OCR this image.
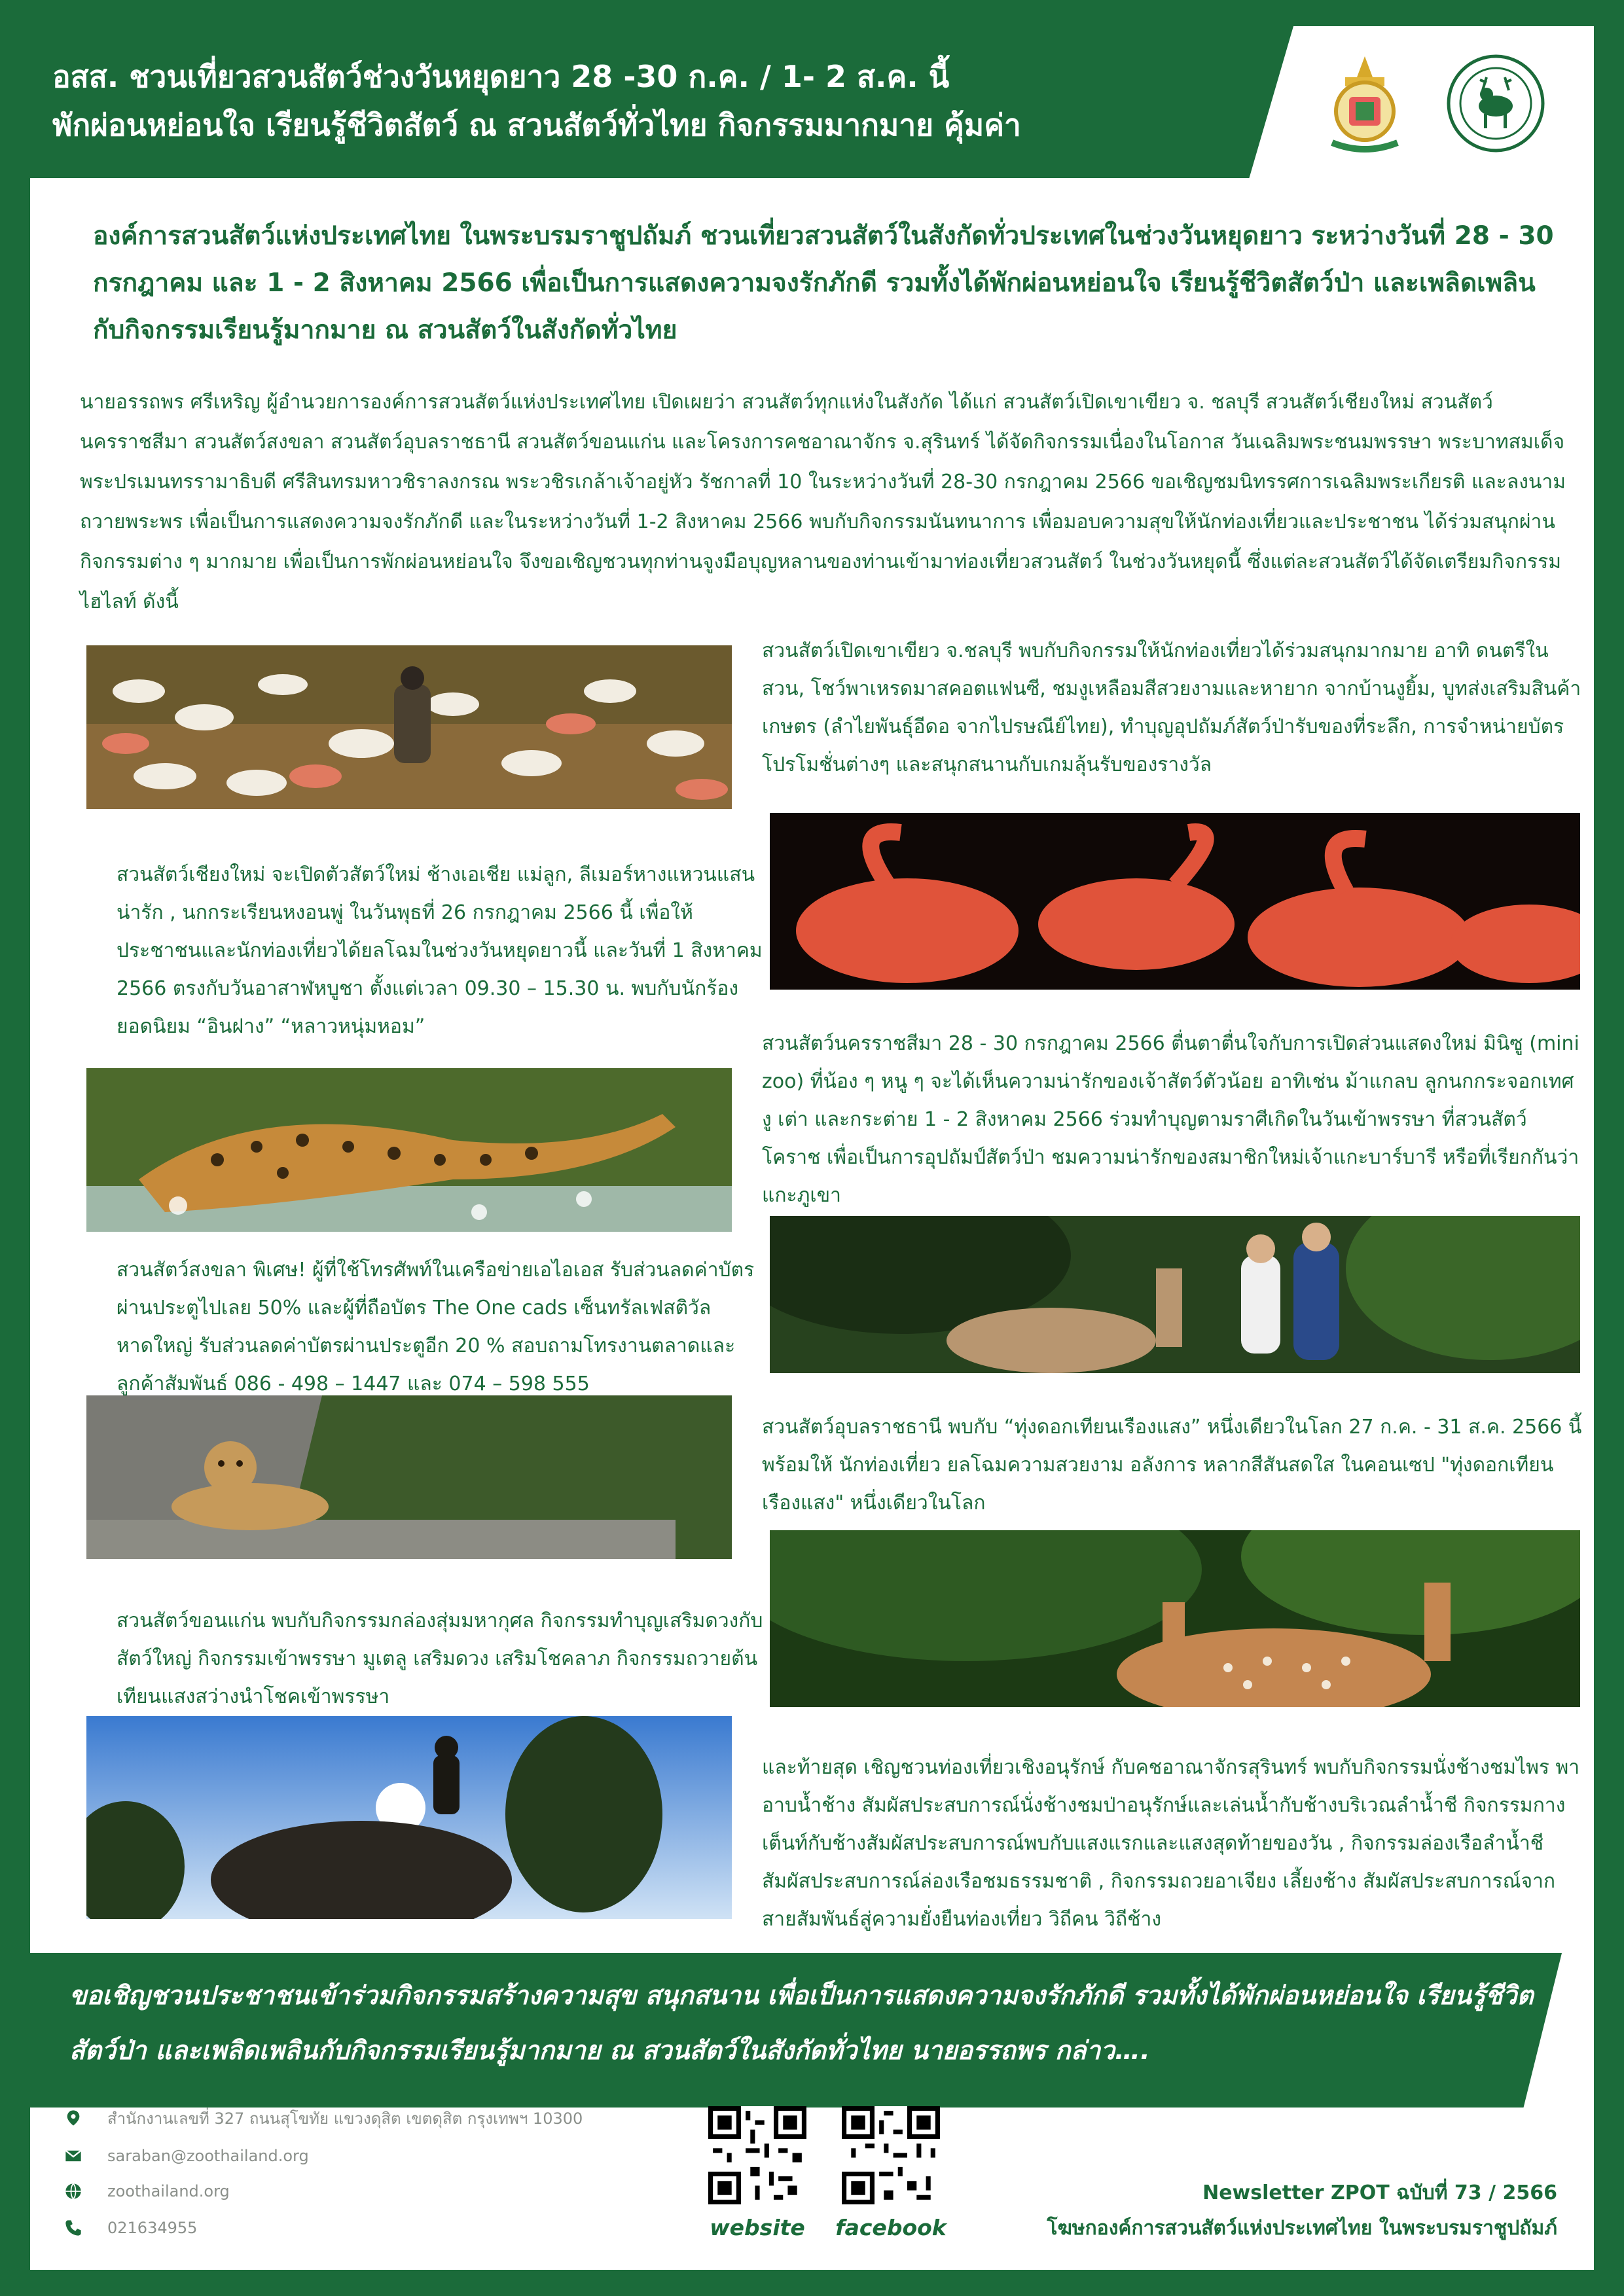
อสส. ชวนเที่ยวสวนสัตว์ช่วงวันหยุดยาว 28 -30 ก.ค. / 1- 2 ส.ค. นี้
พักผ่อนหย่อนใจ เรียนรู้ชีวิตสัตว์ ณ สวนสัตว์ทั่วไทย กิจกรรมมากมาย คุ้มค่า
องค์การสวนสัตว์แห่งประเทศไทย ในพระบรมราชูปถัมภ์ ชวนเที่ยวสวนสัตว์ในสังกัดทั่วประเทศในช่วงวันหยุดยาว ระหว่างวันที่ 28 - 30 กรกฎาคม และ 1 - 2 สิงหาคม 2566 เพื่อเป็นการแสดงความจงรักภักดี รวมทั้งได้พักผ่อนหย่อนใจ เรียนรู้ชีวิตสัตว์ป่า และเพลิดเพลินกับกิจกรรมเรียนรู้มากมาย ณ สวนสัตว์ในสังกัดทั่วไทย
นายอรรถพร ศรีเหริญ ผู้อำนวยการองค์การสวนสัตว์แห่งประเทศไทย เปิดเผยว่า สวนสัตว์ทุกแห่งในสังกัด ได้แก่ สวนสัตว์เปิดเขาเขียว จ. ชลบุรี สวนสัตว์เชียงใหม่ สวนสัตว์นครราชสีมา สวนสัตว์สงขลา สวนสัตว์อุบลราชธานี สวนสัตว์ขอนแก่น และโครงการคชอาณาจักร จ.สุรินทร์ ได้จัดกิจกรรมเนื่องในโอกาส วันเฉลิมพระชนมพรรษา พระบาทสมเด็จพระปรเมนทรรามาธิบดี ศรีสินทรมหาวชิราลงกรณ พระวชิรเกล้าเจ้าอยู่หัว รัชกาลที่ 10 ในระหว่างวันที่ 28-30 กรกฎาคม 2566 ขอเชิญชมนิทรรศการเฉลิมพระเกียรติ และลงนามถวายพระพร เพื่อเป็นการแสดงความจงรักภักดี และในระหว่างวันที่ 1-2 สิงหาคม 2566 พบกับกิจกรรมนันทนาการ เพื่อมอบความสุขให้นักท่องเที่ยวและประชาชน ได้ร่วมสนุกผ่านกิจกรรมต่าง ๆ มากมาย เพื่อเป็นการพักผ่อนหย่อนใจ จึงขอเชิญชวนทุกท่านจูงมือบุญหลานของท่านเข้ามาท่องเที่ยวสวนสัตว์ ในช่วงวันหยุดนี้ ซึ่งแต่ละสวนสัตว์ได้จัดเตรียมกิจกรรมไฮไลท์ ดังนี้
สวนสัตว์เชียงใหม่ จะเปิดตัวสัตว์ใหม่ ช้างเอเชีย แม่ลูก, ลีเมอร์หางแหวนแสนน่ารัก , นกกระเรียนหงอนพู่ ในวันพุธที่ 26 กรกฎาคม 2566 นี้ เพื่อให้ประชาชนและนักท่องเที่ยวได้ยลโฉมในช่วงวันหยุดยาวนี้ และวันที่ 1 สิงหาคม 2566 ตรงกับวันอาสาฬหบูชา ตั้งแต่เวลา 09.30 – 15.30 น. พบกับนักร้องยอดนิยม “อินฝาง” “หลาวหนุ่มหอม”
สวนสัตว์สงขลา พิเศษ! ผู้ที่ใช้โทรศัพท์ในเครือข่ายเอไอเอส รับส่วนลดค่าบัตรผ่านประตูไปเลย 50% และผู้ที่ถือบัตร The One cads เซ็นทรัลเฟสติวัล หาดใหญ่ รับส่วนลดค่าบัตรผ่านประตูอีก 20 % สอบถามโทรงานตลาดและลูกค้าสัมพันธ์ 086 - 498 – 1447 และ 074 – 598 555
สวนสัตว์ขอนแก่น พบกับกิจกรรมกล่องสุ่มมหากุศล กิจกรรมทำบุญเสริมดวงกับสัตว์ใหญ่ กิจกรรมเข้าพรรษา มูเตลู เสริมดวง เสริมโชคลาภ กิจกรรมถวายต้นเทียนแสงสว่างนำโชคเข้าพรรษา
สวนสัตว์เปิดเขาเขียว จ.ชลบุรี พบกับกิจกรรมให้นักท่องเที่ยวได้ร่วมสนุกมากมาย อาทิ ดนตรีในสวน, โชว์พาเหรดมาสคอตแฟนซี, ชมงูเหลือมสีสวยงามและหายาก จากบ้านงูยิ้ม, บูทส่งเสริมสินค้าเกษตร (ลำไยพันธุ์อีดอ จากไปรษณีย์ไทย), ทำบุญอุปถัมภ์สัตว์ป่ารับของที่ระลึก, การจำหน่ายบัตรโปรโมชั่นต่างๆ และสนุกสนานกับเกมลุ้นรับของรางวัล
สวนสัตว์นครราชสีมา 28 - 30 กรกฎาคม 2566 ตื่นตาตื่นใจกับการเปิดส่วนแสดงใหม่ มินิซู (mini zoo) ที่น้อง ๆ หนู ๆ จะได้เห็นความน่ารักของเจ้าสัตว์ตัวน้อย อาทิเช่น ม้าแกลบ ลูกนกกระจอกเทศ งู เต่า และกระต่าย 1 - 2 สิงหาคม 2566 ร่วมทำบุญตามราศีเกิดในวันเข้าพรรษา ที่สวนสัตว์โคราช เพื่อเป็นการอุปถัมป์สัตว์ป่า ชมความน่ารักของสมาชิกใหม่เจ้าแกะบาร์บารี หรือที่เรียกกันว่าแกะภูเขา
สวนสัตว์อุบลราชธานี พบกับ “ทุ่งดอกเทียนเรืองแสง” หนึ่งเดียวในโลก 27 ก.ค. - 31 ส.ค. 2566 นี้ พร้อมให้ นักท่องเที่ยว ยลโฉมความสวยงาม อลังการ หลากสีสันสดใส ในคอนเซป "ทุ่งดอกเทียนเรืองแสง" หนึ่งเดียวในโลก
และท้ายสุด เชิญชวนท่องเที่ยวเชิงอนุรักษ์ กับคชอาณาจักรสุรินทร์ พบกับกิจกรรมนั่งช้างชมไพร พาอาบน้ำช้าง สัมผัสประสบการณ์นั่งช้างชมป่าอนุรักษ์และเล่นน้ำกับช้างบริเวณลำน้ำชี กิจกรรมกางเต็นท์กับช้างสัมผัสประสบการณ์พบกับแสงแรกและแสงสุดท้ายของวัน , กิจกรรมล่องเรือลำน้ำชีสัมผัสประสบการณ์ล่องเรือชมธรรมชาติ , กิจกรรมถวยอาเจียง เลี้ยงช้าง สัมผัสประสบการณ์จากสายสัมพันธ์สู่ความยั่งยืนท่องเที่ยว วิถีคน วิถีช้าง
ขอเชิญชวนประชาชนเข้าร่วมกิจกรรมสร้างความสุข สนุกสนาน เพื่อเป็นการแสดงความจงรักภักดี รวมทั้งได้พักผ่อนหย่อนใจ เรียนรู้ชีวิตสัตว์ป่า และเพลิดเพลินกับกิจกรรมเรียนรู้มากมาย ณ สวนสัตว์ในสังกัดทั่วไทย นายอรรถพร กล่าว….
สำนักงานเลขที่ 327 ถนนสุโขทัย แขวงดุสิต เขตดุสิต กรุงเทพฯ 10300
saraban@zoothailand.org
zoothailand.org
021634955	website	facebook
Newsletter ZPOT ฉบับที่ 73 / 2566
โฆษกองค์การสวนสัตว์แห่งประเทศไทย ในพระบรมราชูปถัมภ์
